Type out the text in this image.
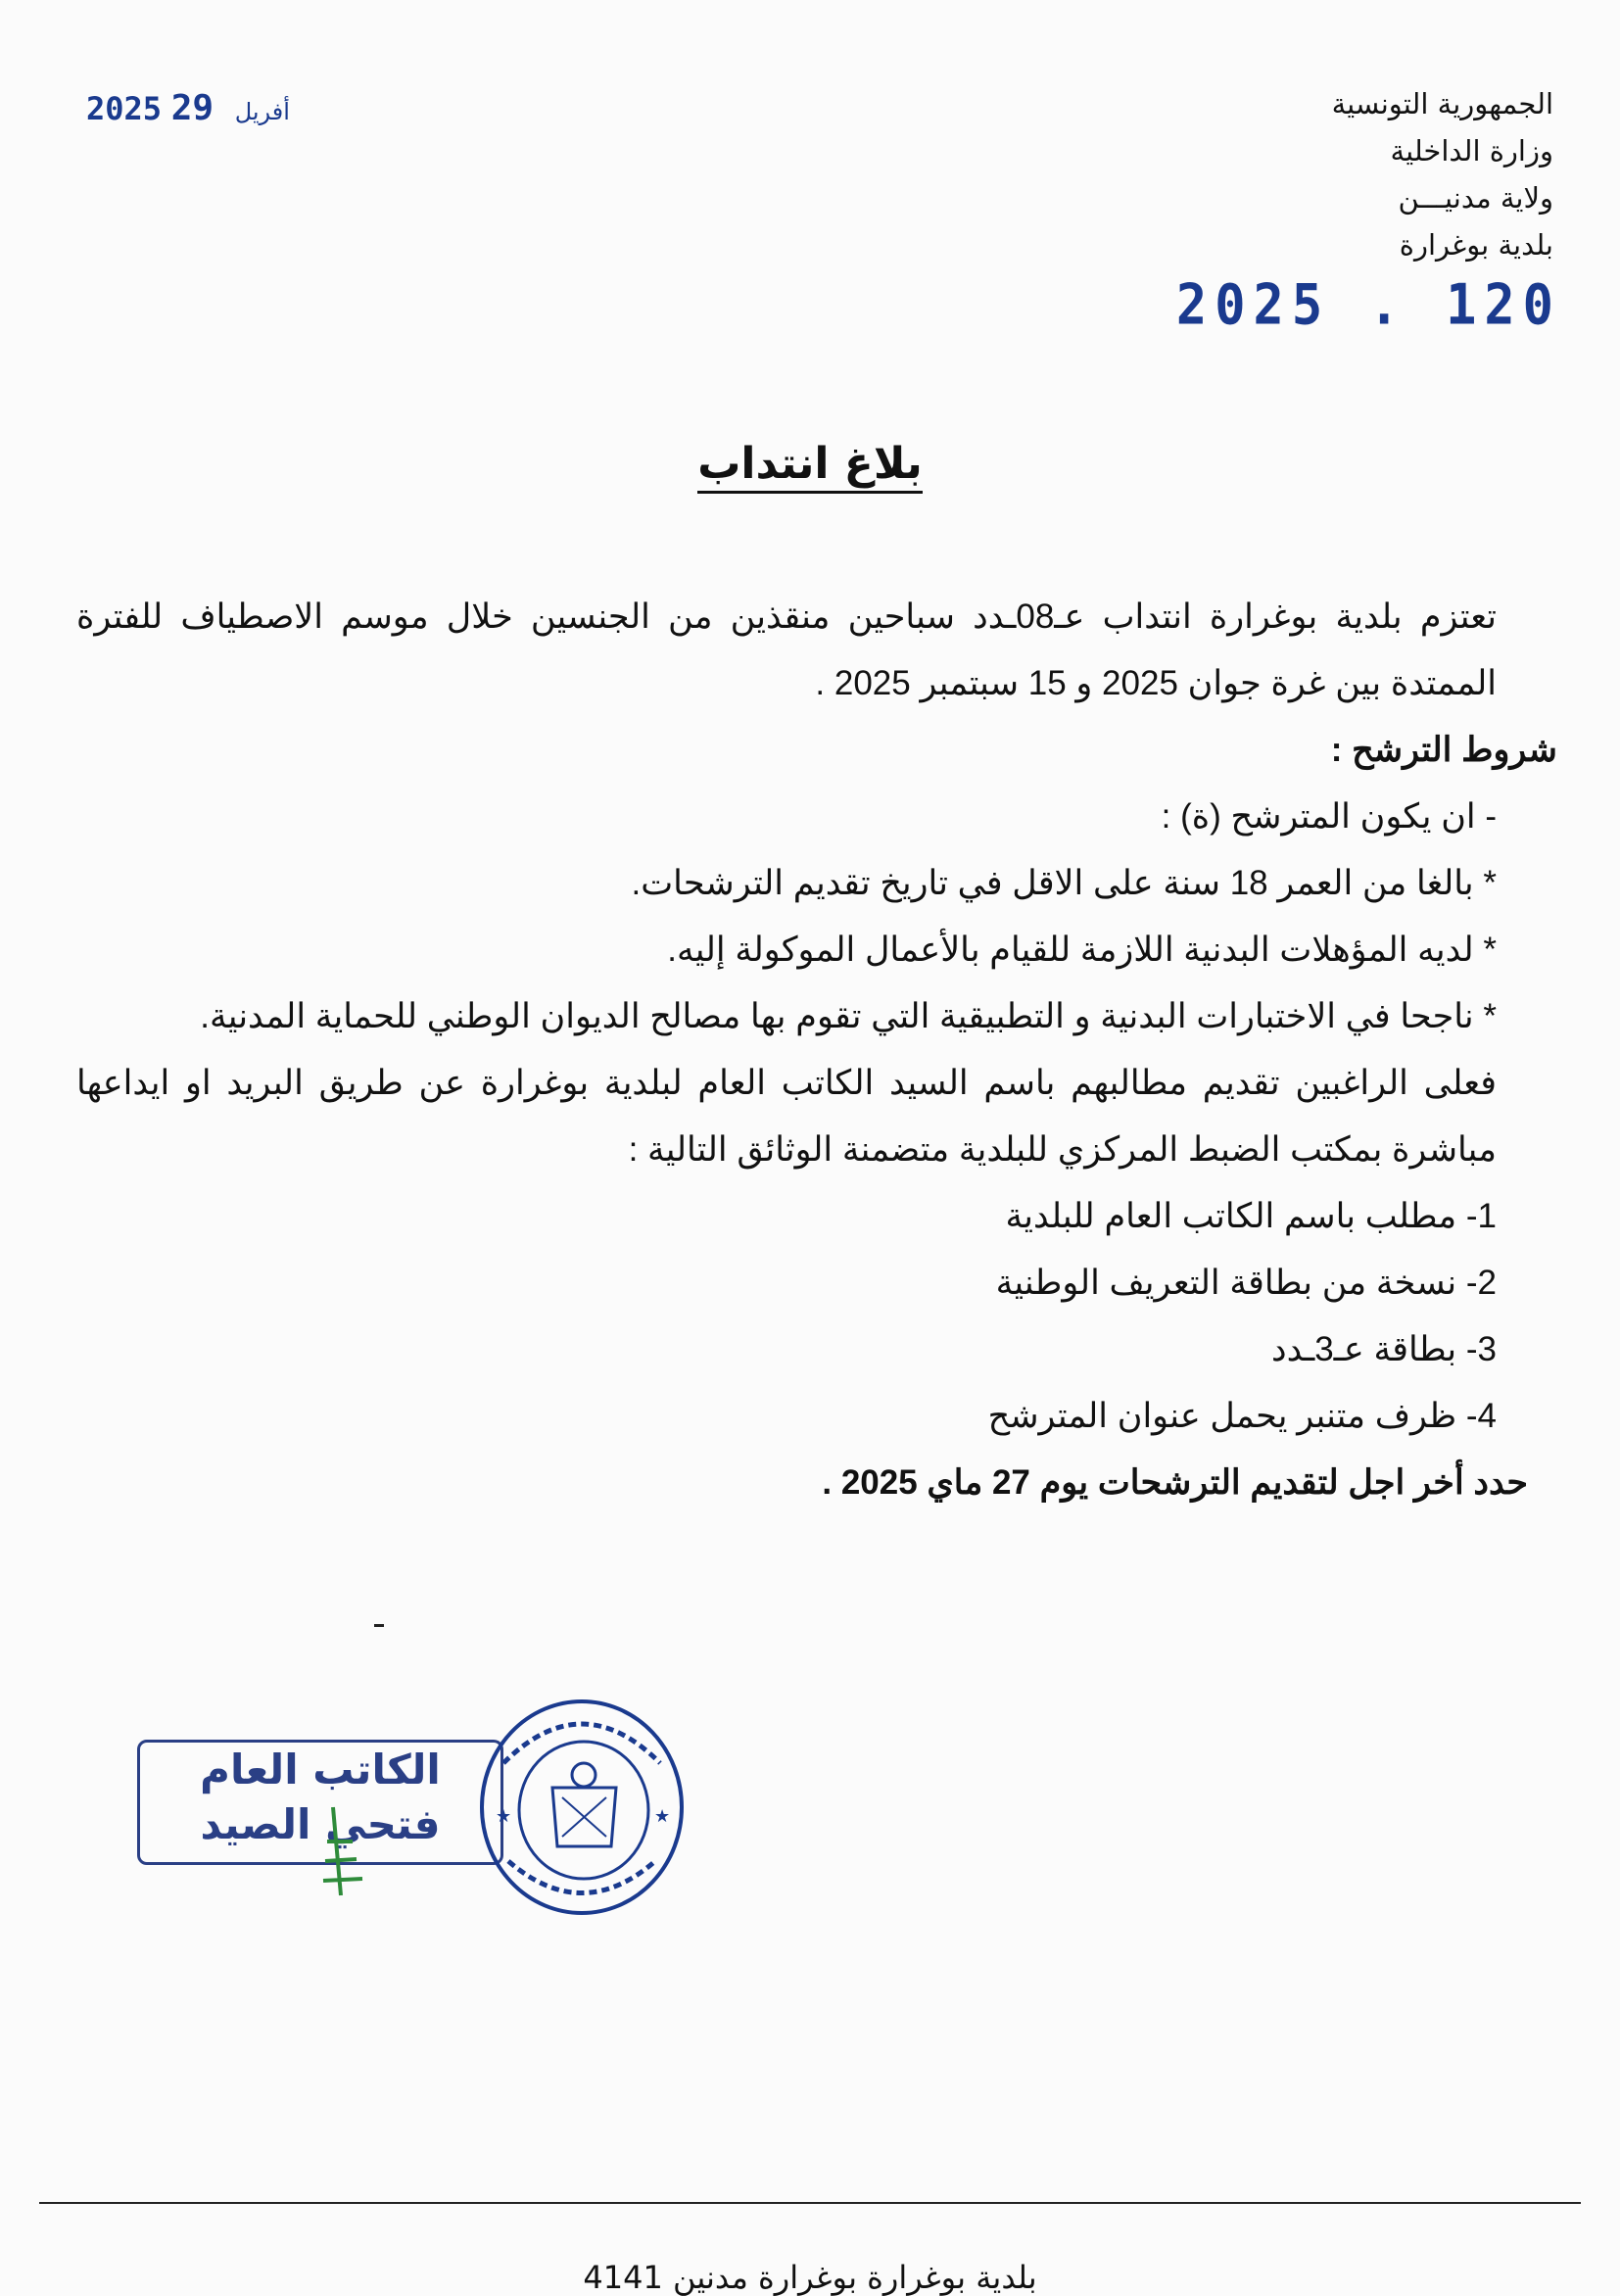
2025	أفريل 29	الجمهورية التونسية
وزارة الداخلية
ولاية مدنيـــن
بلدية بوغرارة
2025 . 120
بلاغ انتداب

تعتزم بلدية بوغرارة انتداب عـ08ـدد سباحين منقذين من الجنسين خلال موسم الاصطياف للفترة الممتدة بين غرة جوان 2025 و 15 سبتمبر 2025 .

شروط الترشح :

- ان يكون المترشح (ة) :

* بالغا من العمر 18 سنة على الاقل في تاريخ تقديم الترشحات.

* لديه المؤهلات البدنية اللازمة للقيام بالأعمال الموكولة إليه.

* ناجحا في الاختبارات البدنية و التطبيقية التي تقوم بها مصالح الديوان الوطني للحماية المدنية.

فعلى الراغبين تقديم مطالبهم باسم السيد الكاتب العام لبلدية بوغرارة عن طريق البريد او ايداعها مباشرة بمكتب الضبط المركزي للبلدية متضمنة الوثائق التالية :

1- مطلب باسم الكاتب العام للبلدية

2- نسخة من بطاقة التعريف الوطنية

3- بطاقة عـ3ـدد

4- ظرف متنبر يحمل عنوان المترشح

حدد أخر اجل لتقديم الترشحات يوم 27 ماي 2025 .

الكاتب العام
فتحي الصيد	★	★
بلدية بوغرارة بوغرارة مدنين 4141
